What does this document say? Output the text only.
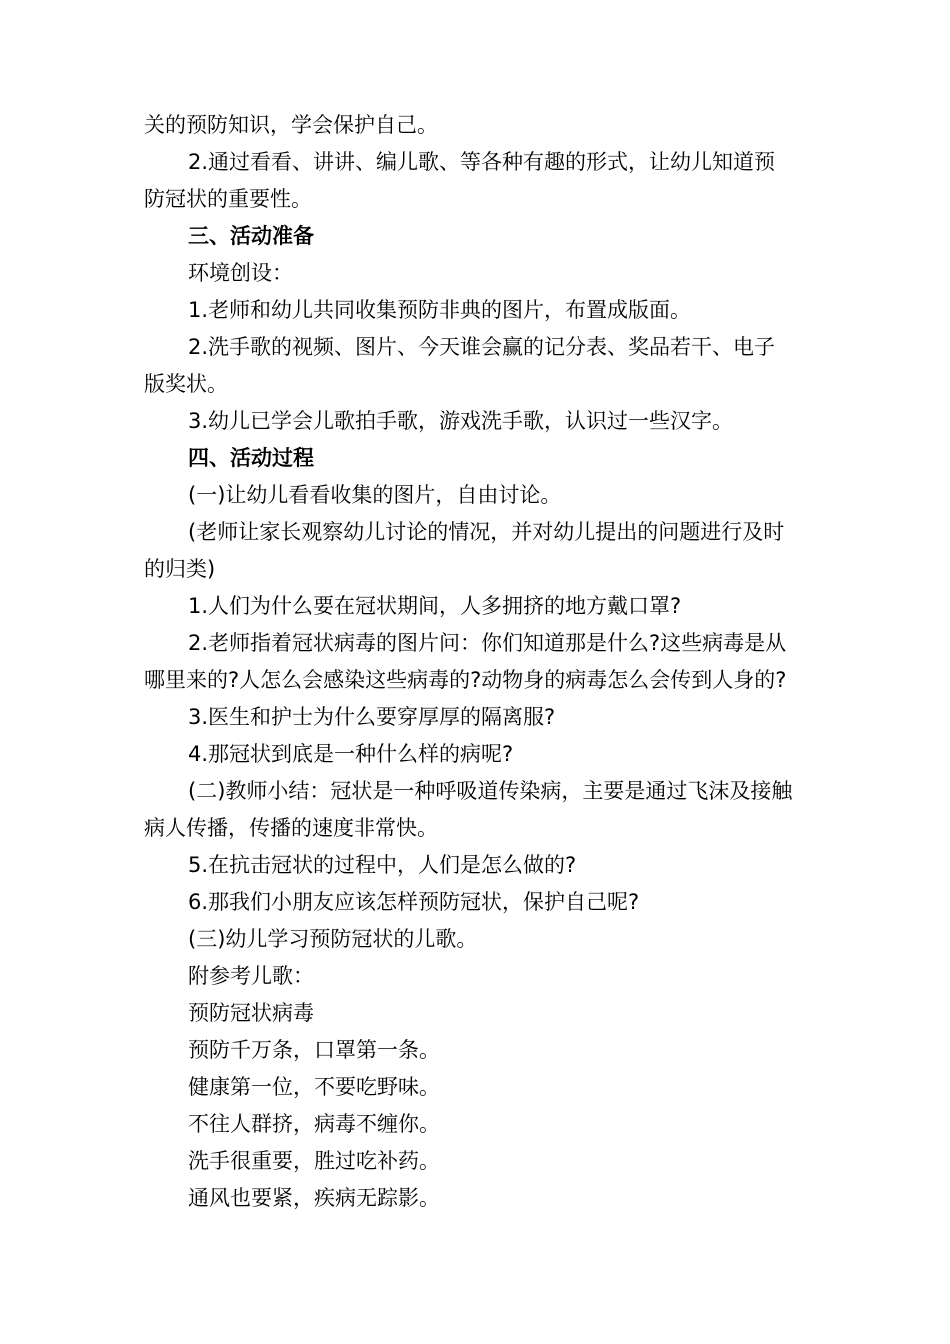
关的预防知识，学会保护自己。
2.通过看看、讲讲、编儿歌、等各种有趣的形式，让幼儿知道预
防冠状的重要性。
三、活动准备
环境创设：
1.老师和幼儿共同收集预防非典的图片，布置成版面。
2.洗手歌的视频、图片、今天谁会赢的记分表、奖品若干、电子
版奖状。
3.幼儿已学会儿歌拍手歌，游戏洗手歌，认识过一些汉字。
四、活动过程
(一)让幼儿看看收集的图片，自由讨论。
(老师让家长观察幼儿讨论的情况，并对幼儿提出的问题进行及时
的归类)
1.人们为什么要在冠状期间，人多拥挤的地方戴口罩?
2.老师指着冠状病毒的图片问：你们知道那是什么?这些病毒是从
哪里来的?人怎么会感染这些病毒的?动物身的病毒怎么会传到人身的?
3.医生和护士为什么要穿厚厚的隔离服?
4.那冠状到底是一种什么样的病呢?
(二)教师小结：冠状是一种呼吸道传染病，主要是通过飞沫及接触
病人传播，传播的速度非常快。
5.在抗击冠状的过程中，人们是怎么做的?
6.那我们小朋友应该怎样预防冠状，保护自己呢?
(三)幼儿学习预防冠状的儿歌。
附参考儿歌：
预防冠状病毒
预防千万条，口罩第一条。
健康第一位，不要吃野味。
不往人群挤，病毒不缠你。
洗手很重要，胜过吃补药。
通风也要紧，疾病无踪影。
